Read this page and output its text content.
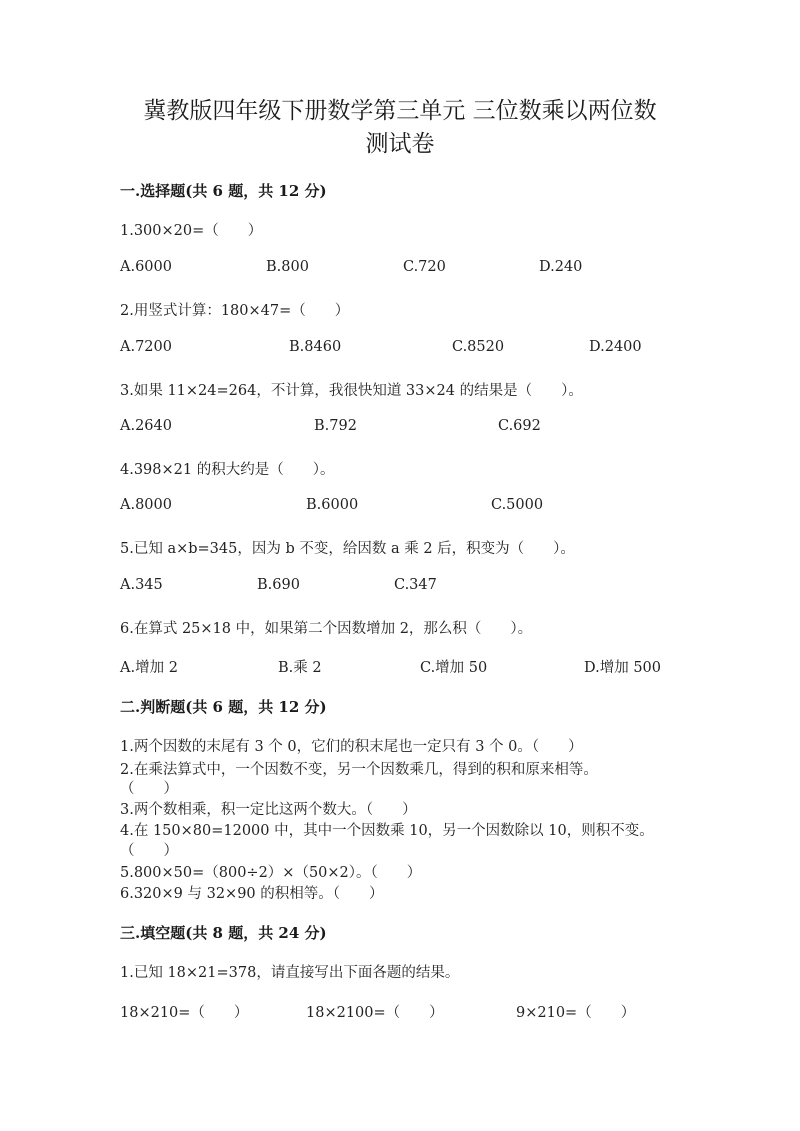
冀教版四年级下册数学第三单元 三位数乘以两位数
测试卷
一.选择题(共 6 题，共 12 分)
1.300×20=（　　）
A.6000	B.800	C.720	D.240
2.用竖式计算：180×47=（　　）
A.7200	B.8460	C.8520	D.2400
3.如果 11×24=264，不计算，我很快知道 33×24 的结果是（　　）。
A.2640	B.792	C.692
4.398×21 的积大约是（　　）。
A.8000	B.6000	C.5000
5.已知 a×b=345，因为 b 不变，给因数 a 乘 2 后，积变为（　　）。
A.345	B.690	C.347
6.在算式 25×18 中，如果第二个因数增加 2，那么积（　　）。
A.增加 2	B.乘 2	C.增加 50	D.增加 500
二.判断题(共 6 题，共 12 分)
1.两个因数的末尾有 3 个 0，它们的积末尾也一定只有 3 个 0。（　　）
2.在乘法算式中，一个因数不变，另一个因数乘几，得到的积和原来相等。
（　　）
3.两个数相乘，积一定比这两个数大。（　　）
4.在 150×80=12000 中，其中一个因数乘 10，另一个因数除以 10，则积不变。
（　　）
5.800×50=（800÷2）×（50×2）。（　　）
6.320×9 与 32×90 的积相等。（　　）
三.填空题(共 8 题，共 24 分)
1.已知 18×21=378，请直接写出下面各题的结果。
18×210=（　　）	18×2100=（　　）	9×210=（　　）
